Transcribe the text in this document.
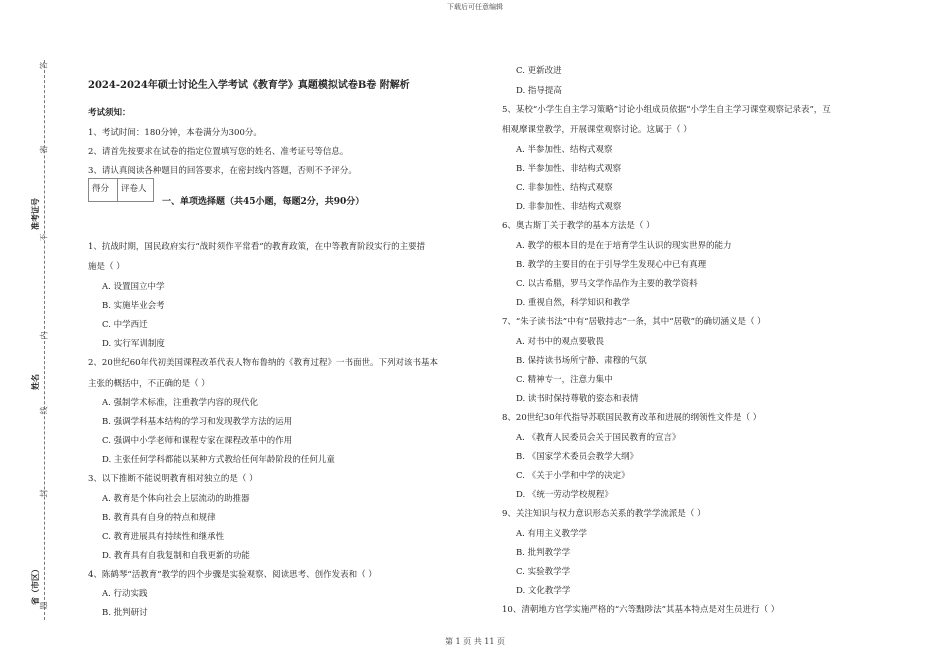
下载后可任意编辑
答
题
不
内
线
封
密
准考证号
姓名
省（市区）
2024-2024年硕士讨论生入学考试《教育学》真题模拟试卷B卷 附解析
考试须知：
1、考试时间：180分钟，本卷满分为300分。
2、请首先按要求在试卷的指定位置填写您的姓名、准考证号等信息。
3、请认真阅读各种题目的回答要求，在密封线内答题，否则不予评分。
一、单项选择题（共45小题，每题2分，共90分）
1、抗战时期，国民政府实行“战时须作平常看”的教育政策，在中等教育阶段实行的主要措
施是（ ）
A. 设置国立中学
B. 实施毕业会考
C. 中学西迁
D. 实行军训制度
2、20世纪60年代初美国课程改革代表人物布鲁纳的《教育过程》一书面世。下列对该书基本
主张的概括中，不正确的是（ ）
A. 强制学术标准，注重教学内容的现代化
B. 强调学科基本结构的学习和发现教学方法的运用
C. 强调中小学老师和课程专家在课程改革中的作用
D. 主张任何学科都能以某种方式教给任何年龄阶段的任何儿童
3、以下推断不能说明教育相对独立的是（ ）
A. 教育是个体向社会上层流动的助推器
B. 教育具有自身的特点和规律
C. 教育进展具有持续性和继承性
D. 教育具有自我复制和自我更新的功能
4、陈鹤琴“活教育”教学的四个步骤是实验观察、阅读思考、创作发表和（ ）
A. 行动实践
B. 批判研讨
得分 评卷人
C. 更新改进
D. 指导提高
5、某校“小学生自主学习策略”讨论小组成员依据“小学生自主学习课堂观察记录表”，互
相观摩课堂教学，开展课堂观察讨论。这属于（ ）
A. 半参加性、结构式观察
B. 半参加性、非结构式观察
C. 非参加性、结构式观察
D. 非参加性、非结构式观察
6、奥古斯丁关于教学的基本方法是（ ）
A. 教学的根本目的是在于培育学生认识的现实世界的能力
B. 教学的主要目的在于引导学生发现心中已有真理
C. 以古希腊，罗马文学作品作为主要的教学资料
D. 重视自然，科学知识和教学
7、“朱子读书法”中有“居敬持志”一条，其中“居敬”的确切涵义是（ ）
A. 对书中的观点要敬畏
B. 保持读书场所宁静、肃穆的气氛
C. 精神专一，注意力集中
D. 读书时保持尊敬的姿态和表情
8、20世纪30年代指导苏联国民教育改革和进展的纲领性文件是（ ）
A. 《教育人民委员会关于国民教育的宣言》
B. 《国家学术委员会教学大纲》
C. 《关于小学和中学的决定》
D. 《统一劳动学校规程》
9、关注知识与权力意识形态关系的教学学流派是（ ）
A. 有用主义教学学
B. 批判教学学
C. 实验教学学
D. 文化教学学
10、清朝地方官学实施严格的“六等黜陟法”其基本特点是对生员进行（ ）
第 1 页 共 11 页
